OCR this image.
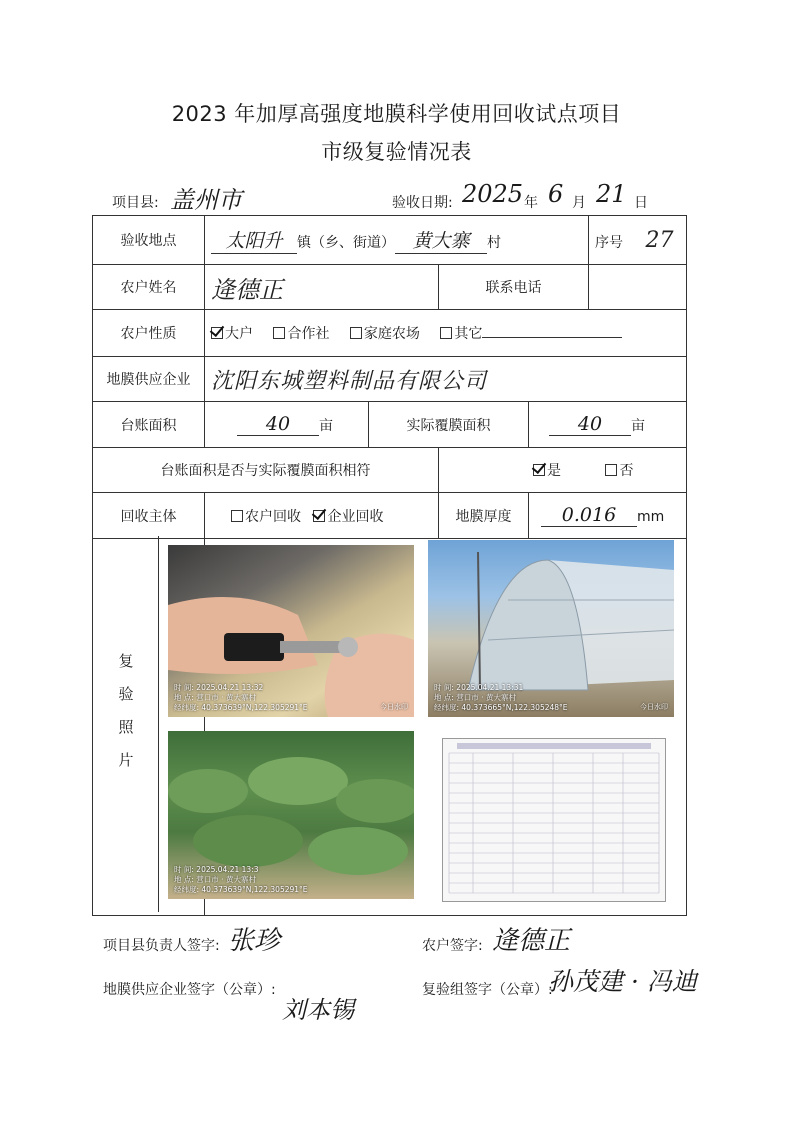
2023 年加厚高强度地膜科学使用回收试点项目
市级复验情况表
项目县: 盖州市	验收日期: 2025 年 6 月 21 日
验收地点	太阳升 镇（乡、街道） 黄大寨 村				序号 27
农户姓名	逄德正		联系电话		
农户性质	大户 合作社 家庭农场 其它				
地膜供应企业	沈阳东城塑料制品有限公司				
台账面积	40 亩	实际覆膜面积		40 亩	
台账面积是否与实际覆膜面积相符			是 否		
回收主体	农户回收 企业回收		地膜厚度	0.016 mm	

复
验
照
片
时 间: 2025.04.21 13:32
地 点: 营口市 · 黄大寨村
经纬度: 40.373639°N,122.305291°E	今日水印
时 间: 2025.04.21 13:31
地 点: 营口市 · 黄大寨村
经纬度: 40.373665°N,122.305248°E	今日水印
时 间: 2025.04.21 13:3
地 点: 营口市 · 黄大寨村
经纬度: 40.373639°N,122.305291°E
项目县负责人签字: 张珍	农户签字: 逄德正
地膜供应企业签字（公章）:
刘本锡
复验组签字（公章）:
孙茂建 · 冯迪
